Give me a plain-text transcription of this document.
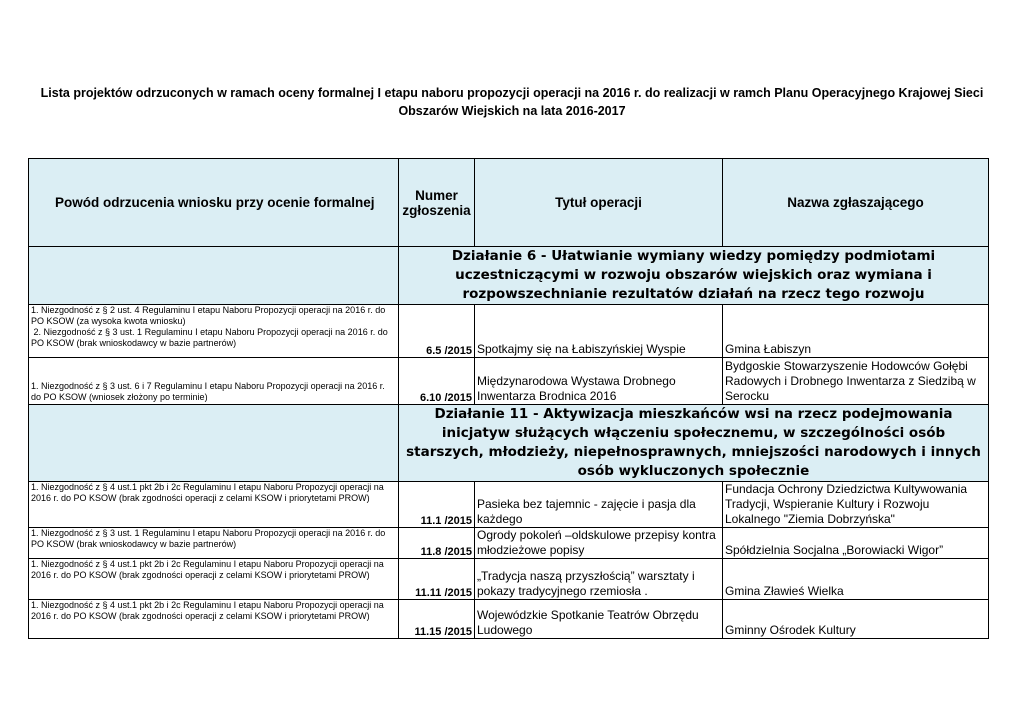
Lista projektów odrzuconych w ramach oceny formalnej I etapu naboru propozycji operacji na 2016 r. do realizacji w ramch Planu Operacyjnego Krajowej Sieci
Obszarów Wiejskich na lata 2016-2017
Powód odrzucenia wniosku przy ocenie formalnej	Numer zgłoszenia	Tytuł operacji	Nazwa zgłaszającego
	Działanie 6 - Ułatwianie wymiany wiedzy pomiędzy podmiotami uczestniczącymi w rozwoju obszarów wiejskich oraz wymiana i rozpowszechnianie rezultatów działań na rzecz tego rozwoju		

1. Niezgodność z § 2 ust. 4 Regulaminu I etapu Naboru Propozycji operacji na 2016 r. do PO KSOW (za wysoka kwota wniosku)
2. Niezgodność z § 3 ust. 1 Regulaminu I etapu Naboru Propozycji operacji na 2016 r. do PO KSOW (brak wnioskodawcy w bazie partnerów)	6.5 /2015	Spotkajmy się na Łabiszyńskiej Wyspie	Gmina Łabiszyn
1. Niezgodność z § 3 ust. 6 i 7 Regulaminu I etapu Naboru Propozycji operacji na 2016 r. do PO KSOW (wniosek złożony po terminie)	6.10 /2015	Międzynarodowa Wystawa Drobnego Inwentarza Brodnica 2016	Bydgoskie Stowarzyszenie Hodowców Gołębi Radowych i Drobnego Inwentarza z Siedzibą w Serocku
	Działanie 11 - Aktywizacja mieszkańców wsi na rzecz podejmowania inicjatyw służących włączeniu społecznemu, w szczególności osób starszych, młodzieży, niepełnosprawnych, mniejszości narodowych i innych osób wykluczonych społecznie		
1. Niezgodność z § 4 ust.1 pkt 2b i 2c Regulaminu I etapu Naboru Propozycji operacji na 2016 r. do PO KSOW (brak zgodności operacji z celami KSOW i priorytetami PROW)	11.1 /2015	Pasieka bez tajemnic - zajęcie i pasja dla każdego	Fundacja Ochrony Dziedzictwa Kultywowania Tradycji, Wspieranie Kultury i Rozwoju Lokalnego "Ziemia Dobrzyńska"
1. Niezgodność z § 3 ust. 1 Regulaminu I etapu Naboru Propozycji operacji na 2016 r. do PO KSOW (brak wnioskodawcy w bazie partnerów)	11.8 /2015	Ogrody pokoleń –oldskulowe przepisy kontra młodzieżowe popisy	Spółdzielnia Socjalna „Borowiacki Wigor”
1. Niezgodność z § 4 ust.1 pkt 2b i 2c Regulaminu I etapu Naboru Propozycji operacji na 2016 r. do PO KSOW (brak zgodności operacji z celami KSOW i priorytetami PROW)	11.11 /2015	„Tradycja naszą przyszłością” warsztaty i pokazy tradycyjnego rzemiosła .	Gmina Zławieś Wielka
1. Niezgodność z § 4 ust.1 pkt 2b i 2c Regulaminu I etapu Naboru Propozycji operacji na 2016 r. do PO KSOW (brak zgodności operacji z celami KSOW i priorytetami PROW)	11.15 /2015	Wojewódzkie Spotkanie Teatrów Obrzędu Ludowego	Gminny Ośrodek Kultury
